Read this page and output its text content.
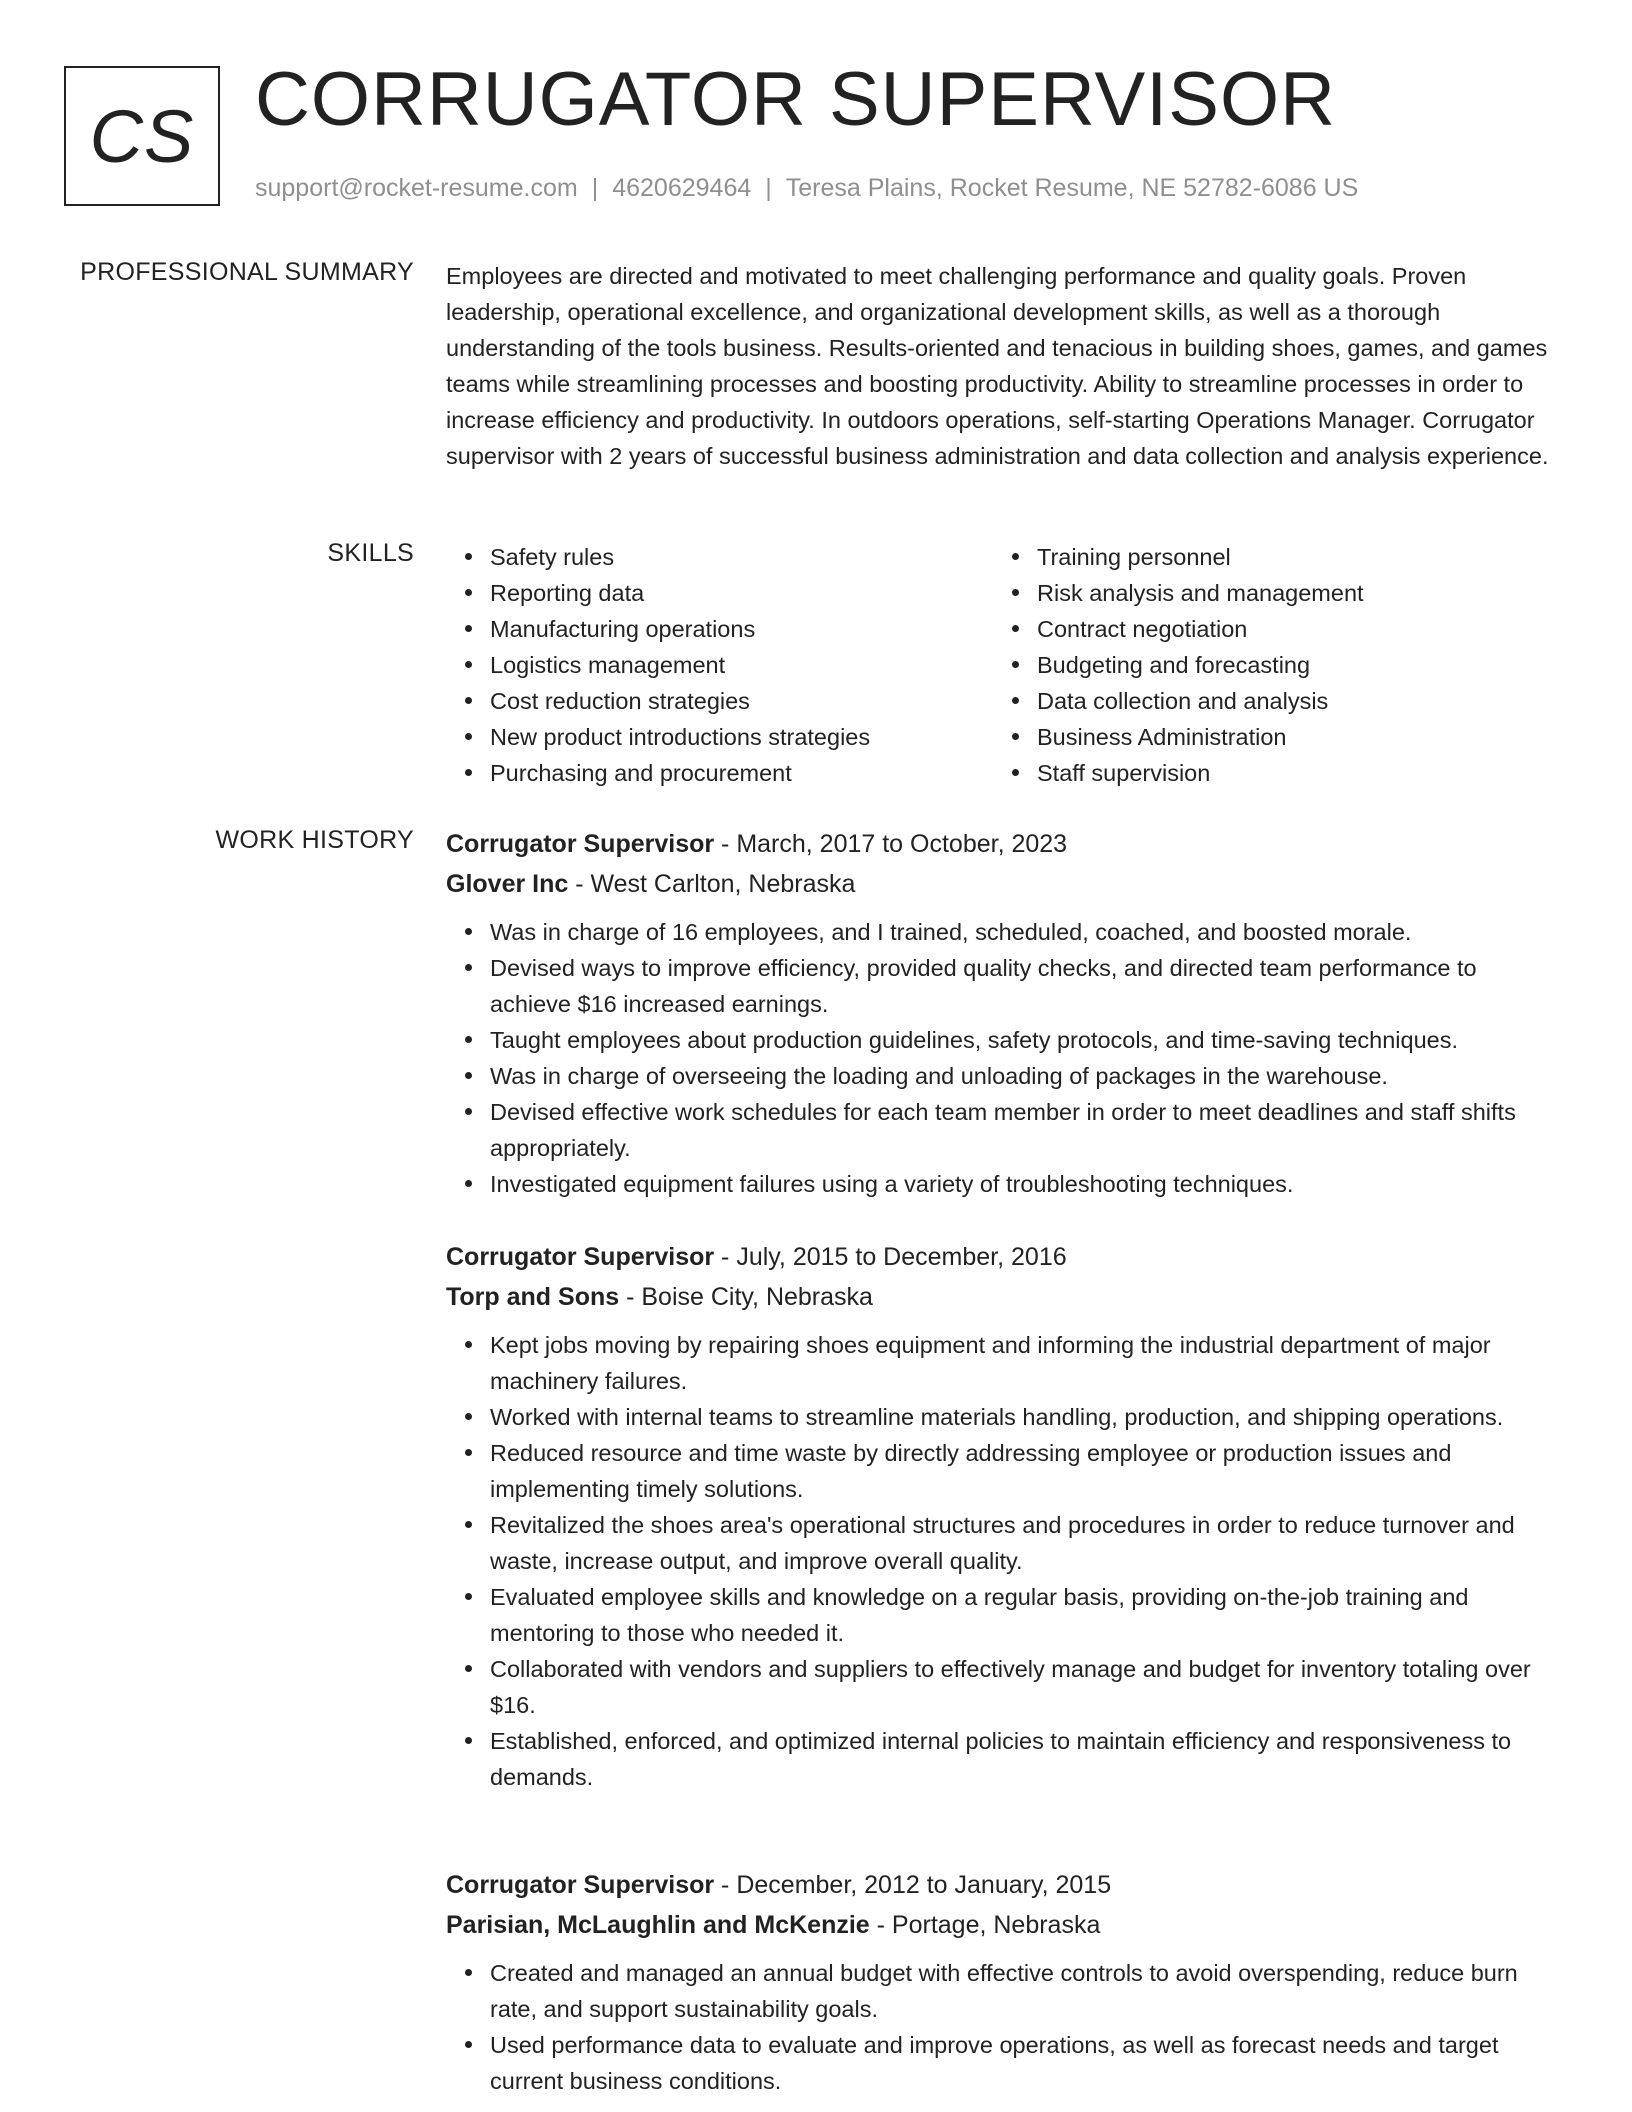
CS CORRUGATOR SUPERVISOR
support@rocket-resume.com | 4620629464 | Teresa Plains, Rocket Resume, NE 52782-6086 US
PROFESSIONAL SUMMARY Employees are directed and motivated to meet challenging performance and quality goals. Proven leadership, operational excellence, and organizational development skills, as well as a thorough understanding of the tools business. Results-oriented and tenacious in building shoes, games, and games teams while streamlining processes and boosting productivity. Ability to streamline processes in order to increase efficiency and productivity. In outdoors operations, self-starting Operations Manager. Corrugator supervisor with 2 years of successful business administration and data collection and analysis experience.

SKILLS	Safety rules
Reporting data
Manufacturing operations
Logistics management
Cost reduction strategies
New product introductions strategies
Purchasing and procurement
Training personnel
Risk analysis and management
Contract negotiation
Budgeting and forecasting
Data collection and analysis
Business Administration
Staff supervision
WORK HISTORY Corrugator Supervisor - March, 2017 to October, 2023
Glover Inc - West Carlton, Nebraska
Was in charge of 16 employees, and I trained, scheduled, coached, and boosted morale.
Devised ways to improve efficiency, provided quality checks, and directed team performance to achieve $16 increased earnings.
Taught employees about production guidelines, safety protocols, and time-saving techniques.
Was in charge of overseeing the loading and unloading of packages in the warehouse.
Devised effective work schedules for each team member in order to meet deadlines and staff shifts appropriately.
Investigated equipment failures using a variety of troubleshooting techniques.
Corrugator Supervisor - July, 2015 to December, 2016
Torp and Sons - Boise City, Nebraska
Kept jobs moving by repairing shoes equipment and informing the industrial department of major machinery failures.
Worked with internal teams to streamline materials handling, production, and shipping operations.
Reduced resource and time waste by directly addressing employee or production issues and implementing timely solutions.
Revitalized the shoes area's operational structures and procedures in order to reduce turnover and waste, increase output, and improve overall quality.
Evaluated employee skills and knowledge on a regular basis, providing on-the-job training and mentoring to those who needed it.
Collaborated with vendors and suppliers to effectively manage and budget for inventory totaling over $16.
Established, enforced, and optimized internal policies to maintain efficiency and responsiveness to demands.
Corrugator Supervisor - December, 2012 to January, 2015
Parisian, McLaughlin and McKenzie - Portage, Nebraska
Created and managed an annual budget with effective controls to avoid overspending, reduce burn rate, and support sustainability goals.
Used performance data to evaluate and improve operations, as well as forecast needs and target current business conditions.
